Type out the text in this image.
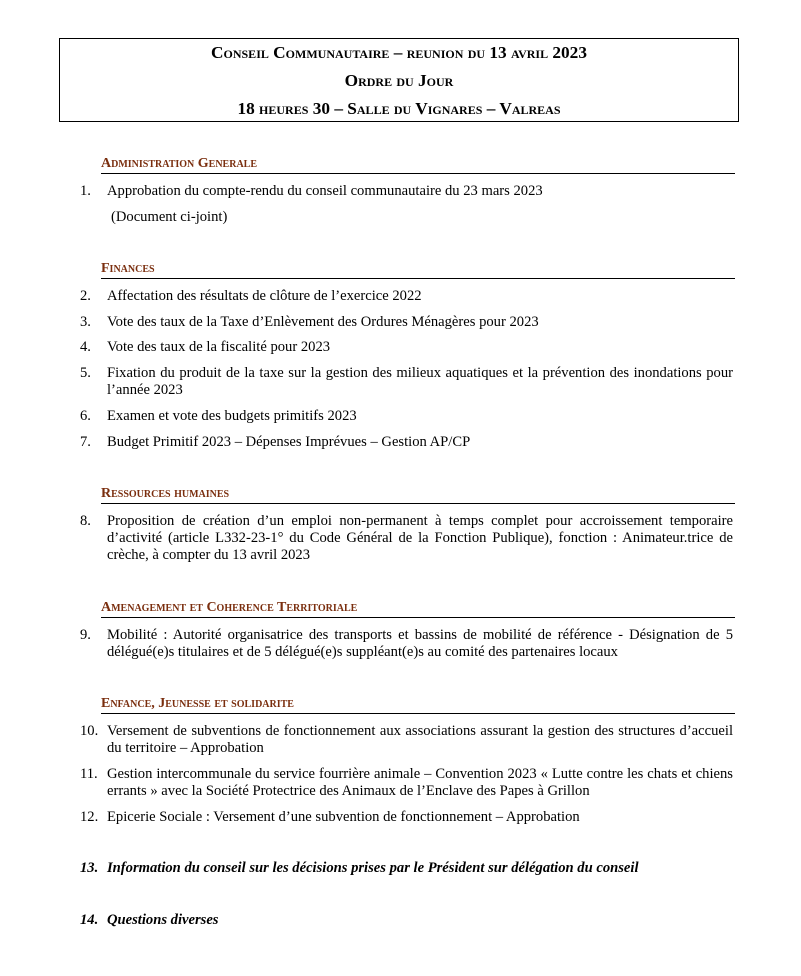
Conseil Communautaire – reunion du 13 avril 2023
Ordre du Jour
18 heures 30 – Salle du Vignares – Valreas
Administration Generale
1.	Approbation du compte-rendu du conseil communautaire du 23 mars 2023
(Document ci-joint)
Finances
2.	Affectation des résultats de clôture de l’exercice 2022
3.	Vote des taux de la Taxe d’Enlèvement des Ordures Ménagères pour 2023
4.	Vote des taux de la fiscalité pour 2023
5.	Fixation du produit de la taxe sur la gestion des milieux aquatiques et la prévention des inondations pour l’année 2023
6.	Examen et vote des budgets primitifs 2023
7.	Budget Primitif 2023 – Dépenses Imprévues – Gestion AP/CP
Ressources humaines
8.	Proposition de création d’un emploi non-permanent à temps complet pour accroissement temporaire d’activité (article L332-23-1° du Code Général de la Fonction Publique), fonction : Animateur.trice de crèche, à compter du 13 avril 2023
Amenagement et Coherence Territoriale
9.	Mobilité : Autorité organisatrice des transports et bassins de mobilité de référence - Désignation de 5 délégué(e)s titulaires et de 5 délégué(e)s suppléant(e)s au comité des partenaires locaux
Enfance, Jeunesse et solidarite
10. Versement de subventions de fonctionnement aux associations assurant la gestion des structures d’accueil du territoire – Approbation
11. Gestion intercommunale du service fourrière animale – Convention 2023 « Lutte contre les chats et chiens errants » avec la Société Protectrice des Animaux de l’Enclave des Papes à Grillon
12. Epicerie Sociale : Versement d’une subvention de fonctionnement – Approbation
13. Information du conseil sur les décisions prises par le Président sur délégation du conseil
14. Questions diverses
